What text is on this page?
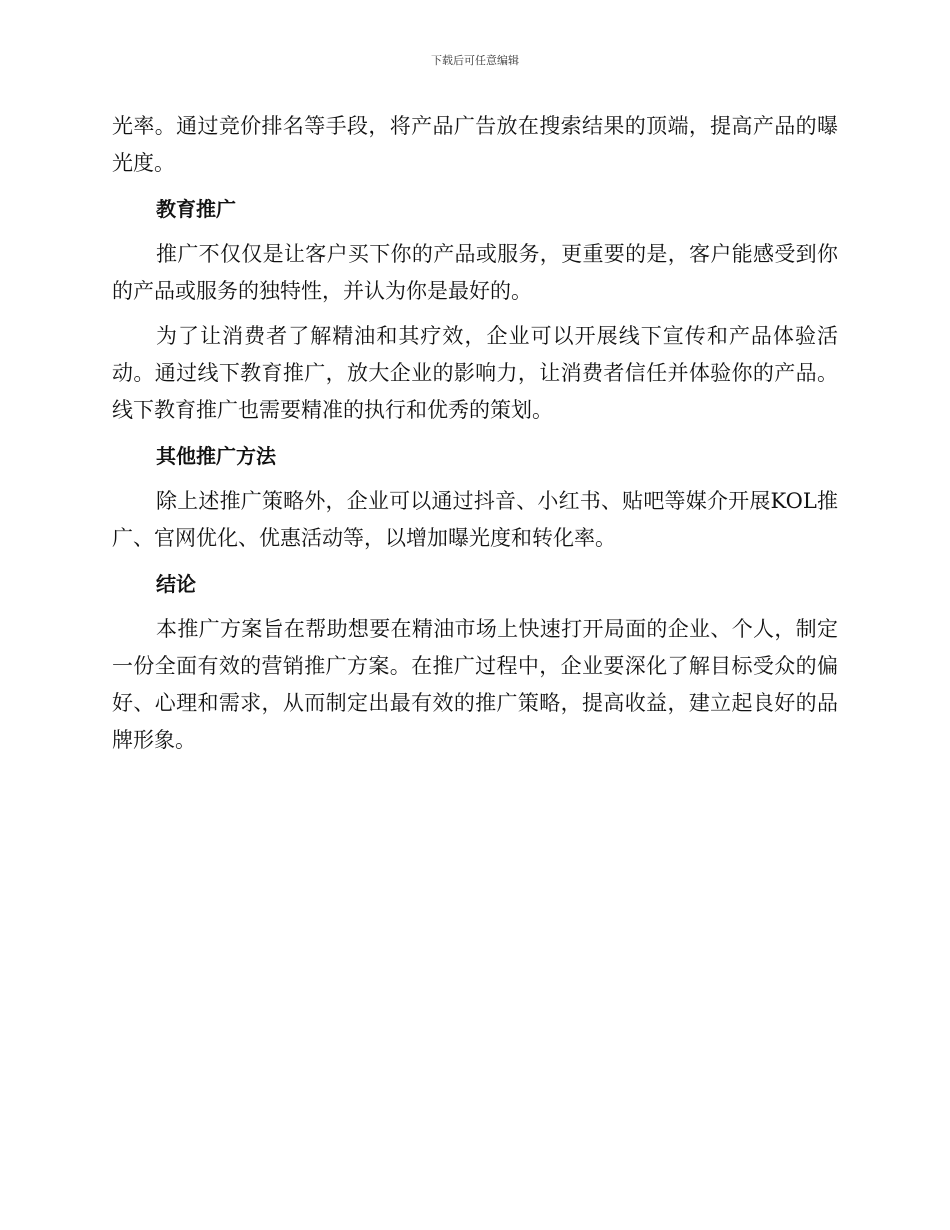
下载后可任意编辑

光率。通过竞价排名等手段，将产品广告放在搜索结果的顶端，提高产品的曝光度。

教育推广

推广不仅仅是让客户买下你的产品或服务，更重要的是，客户能感受到你的产品或服务的独特性，并认为你是最好的。

为了让消费者了解精油和其疗效，企业可以开展线下宣传和产品体验活动。通过线下教育推广，放大企业的影响力，让消费者信任并体验你的产品。线下教育推广也需要精准的执行和优秀的策划。

其他推广方法

除上述推广策略外，企业可以通过抖音、小红书、贴吧等媒介开展KOL推广、官网优化、优惠活动等，以增加曝光度和转化率。

结论

本推广方案旨在帮助想要在精油市场上快速打开局面的企业、个人，制定一份全面有效的营销推广方案。在推广过程中，企业要深化了解目标受众的偏好、心理和需求，从而制定出最有效的推广策略，提高收益，建立起良好的品牌形象。
